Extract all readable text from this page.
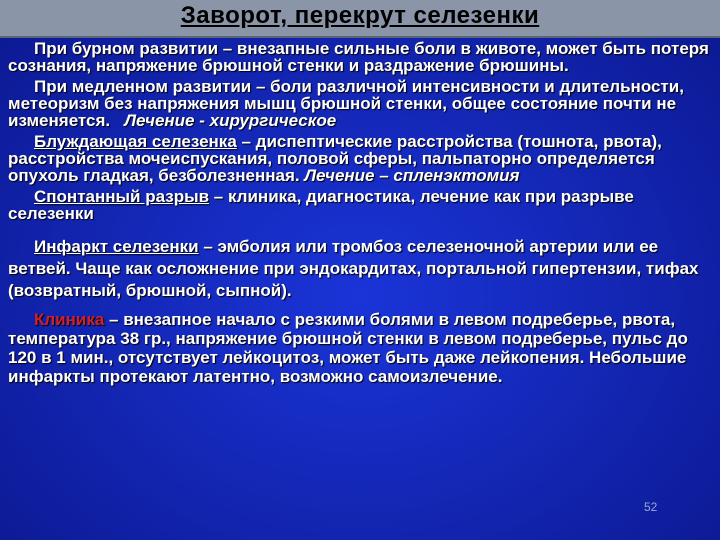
Заворот, перекрут селезенки

При бурном развитии – внезапные сильные боли в животе, может быть потеря сознания, напряжение брюшной стенки и раздражение брюшины.

При медленном развитии – боли различной интенсивности и длительности, метеоризм без напряжения мышц брюшной стенки, общее состояние почти не изменяется. Лечение - хирургическое

Блуждающая селезенка – диспептические расстройства (тошнота, рвота), расстройства мочеиспускания, половой сферы, пальпаторно определяется опухоль гладкая, безболезненная. Лечение – спленэктомия

Спонтанный разрыв – клиника, диагностика, лечение как при разрыве селезенки

Инфаркт селезенки – эмболия или тромбоз селезеночной артерии или ее ветвей. Чаще как осложнение при эндокардитах, портальной гипертензии, тифах (возвратный, брюшной, сыпной).

Клиника – внезапное начало с резкими болями в левом подреберье, рвота, температура 38 гр., напряжение брюшной стенки в левом подреберье, пульс до 120 в 1 мин., отсутствует лейкоцитоз, может быть даже лейкопения. Небольшие инфаркты протекают латентно, возможно самоизлечение.

52
